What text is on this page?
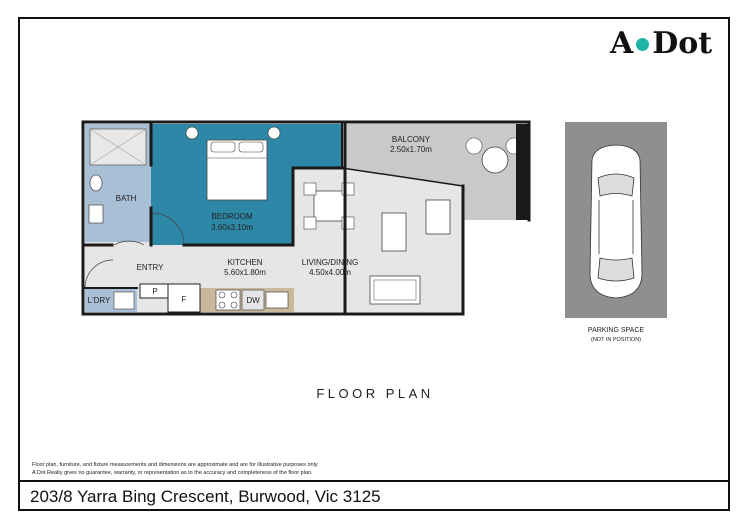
A Dot
BALCONY
2.50x1.70m
BATH
BEDROOM
3.60x3.10m
ENTRY
KITCHEN
5.60x1.80m
LIVING/DINING
4.50x4.00m
L'DRY
P
F	DW
PARKING SPACE
(NOT IN POSITION)
FLOOR PLAN
Floor plan, furniture, and fixture measurements and dimensions are approximate and are for illustrative purposes only.
A Dot Realty gives no guarantee, warranty, or representation as to the accuracy and completeness of the floor plan.
203/8 Yarra Bing Crescent, Burwood, Vic 3125
